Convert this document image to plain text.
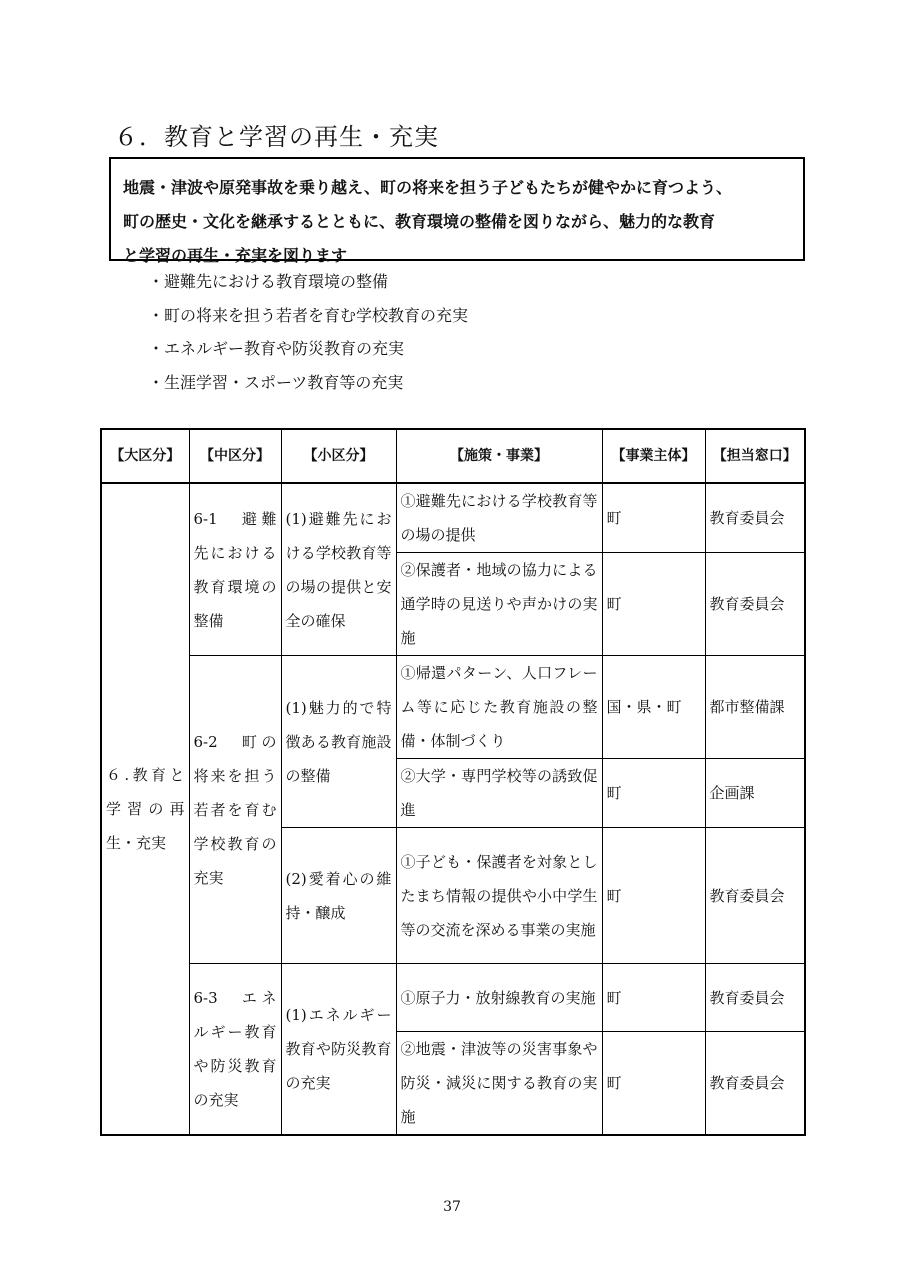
６．教育と学習の再生・充実
地震・津波や原発事故を乗り越え、町の将来を担う子どもたちが健やかに育つよう、
町の歴史・文化を継承するとともに、教育環境の整備を図りながら、魅力的な教育
と学習の再生・充実を図ります
・避難先における教育環境の整備
・町の将来を担う若者を育む学校教育の充実
・エネルギー教育や防災教育の充実
・生涯学習・スポーツ教育等の充実
【大区分】	【中区分】	【小区分】	【施策・事業】	【事業主体】	【担当窓口】
６.教育と学習の再生・充実	6-1　避難先における教育環境の整備	(1)避難先における学校教育等の場の提供と安全の確保	①避難先における学校教育等の場の提供	町	教育委員会
			②保護者・地域の協力による通学時の見送りや声かけの実施	町	教育委員会
	6-2　町の将来を担う若者を育む学校教育の充実	(1)魅力的で特徴ある教育施設の整備	①帰還パターン、人口フレーム等に応じた教育施設の整備・体制づくり	国・県・町	都市整備課
			②大学・専門学校等の誘致促進	町	企画課
		(2)愛着心の維持・醸成	①子ども・保護者を対象としたまち情報の提供や小中学生等の交流を深める事業の実施	町	教育委員会
	6-3　エネルギー教育や防災教育の充実	(1)エネルギー教育や防災教育の充実	①原子力・放射線教育の実施	町	教育委員会
			②地震・津波等の災害事象や防災・減災に関する教育の実施	町	教育委員会
37
